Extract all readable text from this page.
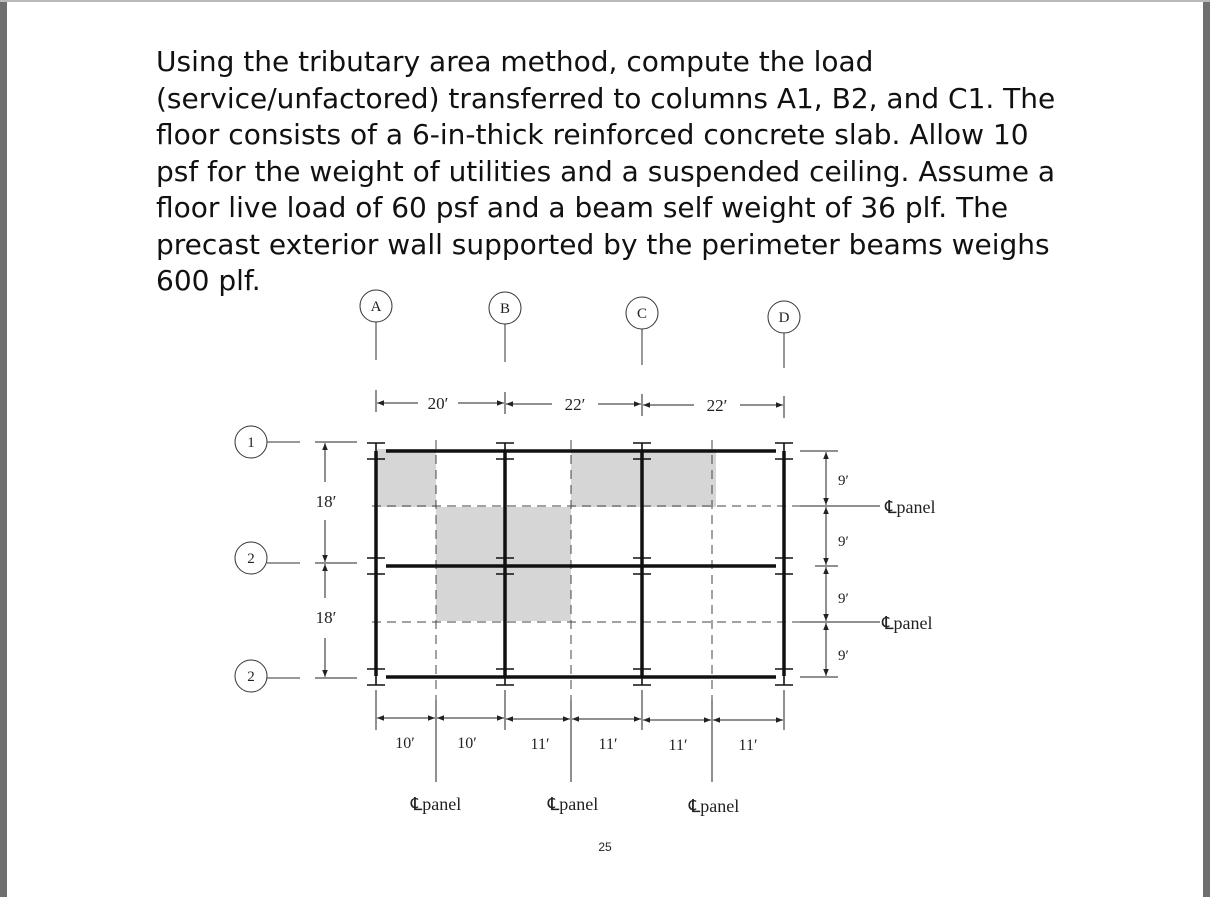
Using the tributary area method, compute the load
(service/unfactored) transferred to columns A1, B2, and C1. The
floor consists of a 6-in-thick reinforced concrete slab. Allow 10
psf for the weight of utilities and a suspended ceiling. Assume a
floor live load of 60 psf and a beam self weight of 36 plf. The
precast exterior wall supported by the perimeter beams weighs
600 plf.
A	B	C	D
1
2
2
20′	22′	22′
18′
18′
9′
9′
9′
9′
℄panel
℄panel
10′	10′	11′	11′	11′	11′
℄panel	℄panel	℄panel
25
